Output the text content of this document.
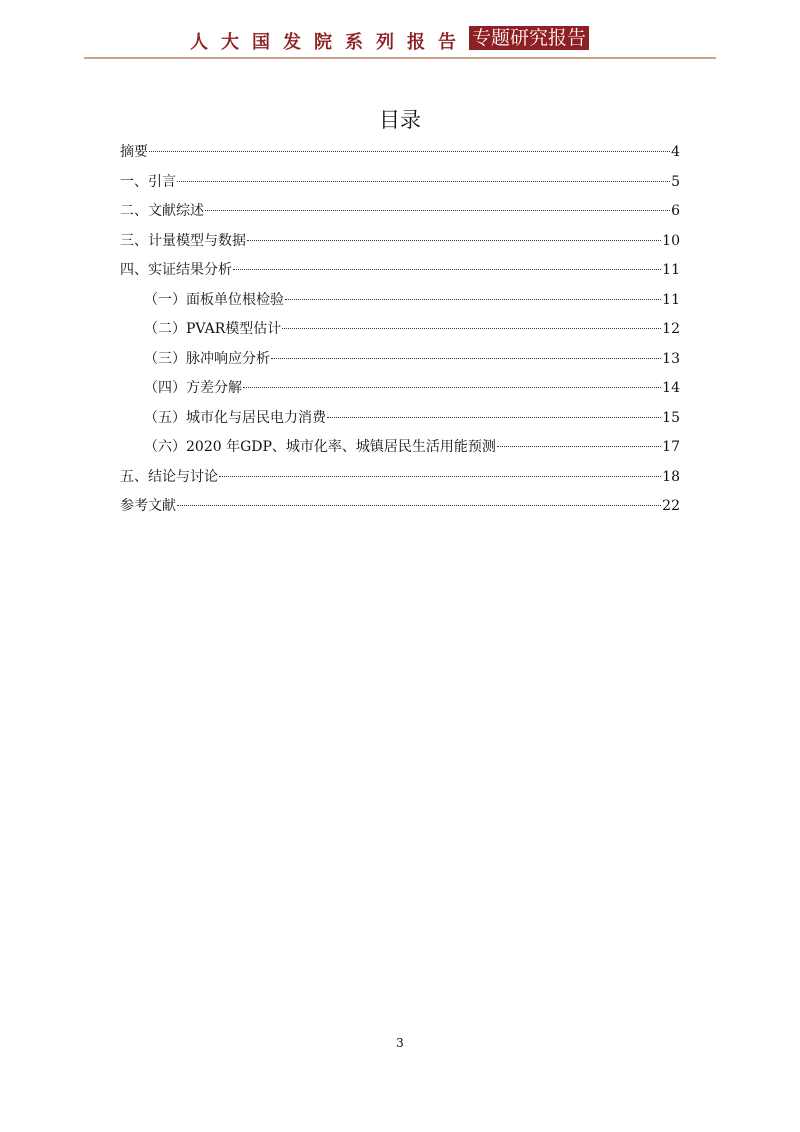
人大国发院系列报告 专题研究报告
目录
摘要	4
一、引言	5
二、文献综述	6
三、计量模型与数据	10
四、实证结果分析	11
（一）面板单位根检验	11
（二）PVAR模型估计	12
（三）脉冲响应分析	13
（四）方差分解	14
（五）城市化与居民电力消费	15
（六）2020 年GDP、城市化率、城镇居民生活用能预测	17
五、结论与讨论	18
参考文献	22
3
